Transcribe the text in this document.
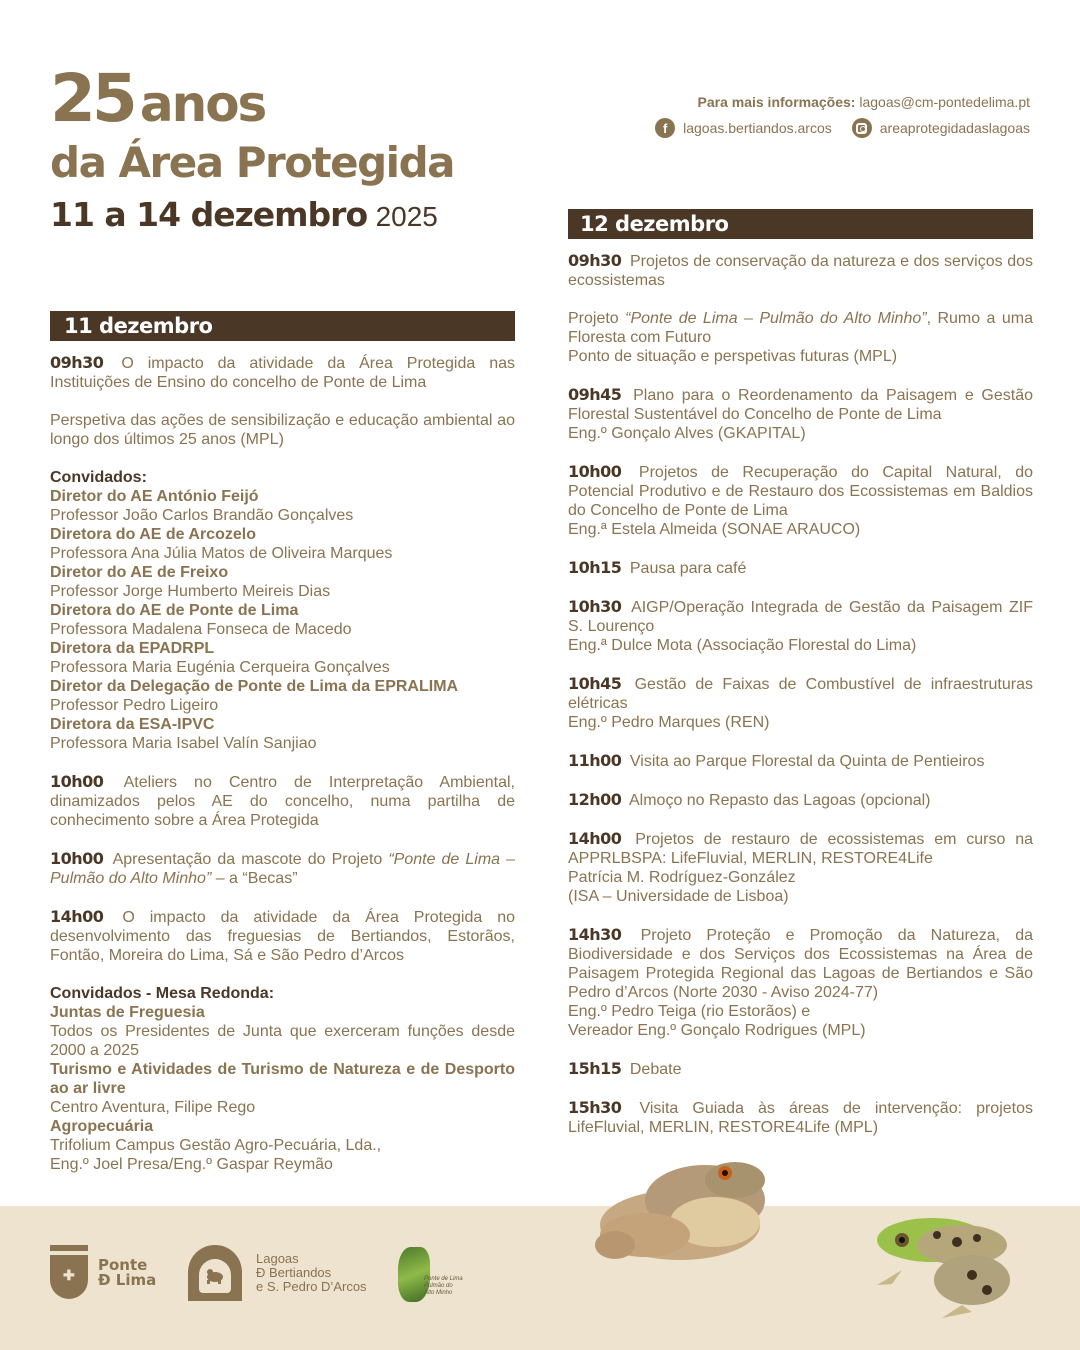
25 anos
da Área Protegida
11 a 14 dezembro 2025
Para mais informações: lagoas@cm-pontedelima.pt
f	lagoas.bertiandos.arcos	areaprotegidadaslagoas
11 dezembro
09h30 O impacto da atividade da Área Protegida nas Instituições de Ensino do concelho de Ponte de Lima
Perspetiva das ações de sensibilização e educação ambiental ao longo dos últimos 25 anos (MPL)
Convidados:
Diretor do AE António Feijó
Professor João Carlos Brandão Gonçalves
Diretora do AE de Arcozelo
Professora Ana Júlia Matos de Oliveira Marques
Diretor do AE de Freixo
Professor Jorge Humberto Meireis Dias
Diretora do AE de Ponte de Lima
Professora Madalena Fonseca de Macedo
Diretora da EPADRPL
Professora Maria Eugénia Cerqueira Gonçalves
Diretor da Delegação de Ponte de Lima da EPRALIMA
Professor Pedro Ligeiro
Diretora da ESA-IPVC
Professora Maria Isabel Valín Sanjiao
10h00 Ateliers no Centro de Interpretação Ambiental, dinamizados pelos AE do concelho, numa partilha de conhecimento sobre a Área Protegida
10h00 Apresentação da mascote do Projeto “Ponte de Lima – Pulmão do Alto Minho” – a “Becas”
14h00 O impacto da atividade da Área Protegida no desenvolvimento das freguesias de Bertiandos, Estorãos, Fontão, Moreira do Lima, Sá e São Pedro d’Arcos
Convidados - Mesa Redonda:
Juntas de Freguesia
Todos os Presidentes de Junta que exerceram funções desde 2000 a 2025
Turismo e Atividades de Turismo de Natureza e de Desporto ao ar livre
Centro Aventura, Filipe Rego
Agropecuária
Trifolium Campus Gestão Agro-Pecuária, Lda.,
Eng.º Joel Presa/Eng.º Gaspar Reymão
12 dezembro
09h30 Projetos de conservação da natureza e dos serviços dos ecossistemas
Projeto “Ponte de Lima – Pulmão do Alto Minho”, Rumo a uma Floresta com Futuro
Ponto de situação e perspetivas futuras (MPL)
09h45 Plano para o Reordenamento da Paisagem e Gestão Florestal Sustentável do Concelho de Ponte de Lima
Eng.º Gonçalo Alves (GKAPITAL)
10h00 Projetos de Recuperação do Capital Natural, do Potencial Produtivo e de Restauro dos Ecossistemas em Baldios do Concelho de Ponte de Lima
Eng.ª Estela Almeida (SONAE ARAUCO)
10h15 Pausa para café
10h30 AIGP/Operação Integrada de Gestão da Paisagem ZIF S. Lourenço
Eng.ª Dulce Mota (Associação Florestal do Lima)
10h45 Gestão de Faixas de Combustível de infraestruturas elétricas
Eng.º Pedro Marques (REN)
11h00 Visita ao Parque Florestal da Quinta de Pentieiros
12h00 Almoço no Repasto das Lagoas (opcional)
14h00 Projetos de restauro de ecossistemas em curso na APPRLBSPA: LifeFluvial, MERLIN, RESTORE4Life
Patrícia M. Rodríguez-González
(ISA – Universidade de Lisboa)
14h30 Projeto Proteção e Promoção da Natureza, da Biodiversidade e dos Serviços dos Ecossistemas na Área de Paisagem Protegida Regional das Lagoas de Bertiandos e São Pedro d’Arcos (Norte 2030 - Aviso 2024-77)
Eng.º Pedro Teiga (rio Estorãos) e
Vereador Eng.º Gonçalo Rodrigues (MPL)
15h15 Debate
15h30 Visita Guiada às áreas de intervenção: projetos LifeFluvial, MERLIN, RESTORE4Life (MPL)
✚
Ponte
Ð Lima
Lagoas
Ð Bertiandos
e S. Pedro D’Arcos	Ponte de Lima
Pulmão do
Alto Minho
